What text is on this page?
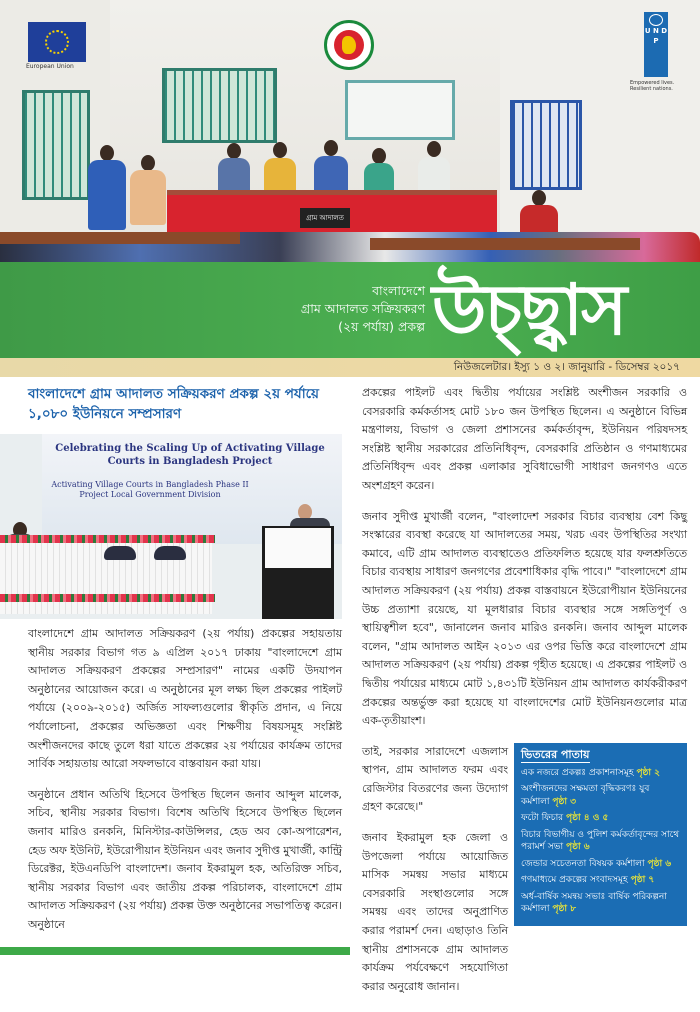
গ্রাম আদালত
European Union
U N D P
Empowered lives. Resilient nations.
বাংলাদেশে
গ্রাম আদালত সক্রিয়করণ
(২য় পর্যায়) প্রকল্প উচ্ছ্বাস
নিউজলেটার। ইস্যু ১ ও ২। জানুয়ারি - ডিসেম্বর ২০১৭
বাংলাদেশে গ্রাম আদালত সক্রিয়করণ প্রকল্প ২য় পর্যায়ে ১,০৮০ ইউনিয়নে সম্প্রসারণ
Celebrating the Scaling Up of Activating Village Courts in Bangladesh Project
Activating Village Courts in Bangladesh Phase II Project Local Government Division
বাংলাদেশে গ্রাম আদালত সক্রিয়করণ (২য় পর্যায়) প্রকল্পের সহায়তায় স্থানীয় সরকার বিভাগ গত ৯ এপ্রিল ২০১৭ ঢাকায় "বাংলাদেশে গ্রাম আদালত সক্রিয়করণ প্রকল্পের সম্প্রসারণ" নামের একটি উদযাপন অনুষ্ঠানের আয়োজন করে। এ অনুষ্ঠানের মূল লক্ষ্য ছিল প্রকল্পের পাইলট পর্যায়ে (২০০৯-২০১৫) অর্জিত সাফল্যগুলোর স্বীকৃতি প্রদান, এ নিয়ে পর্যালোচনা, প্রকল্পের অভিজ্ঞতা এবং শিক্ষণীয় বিষয়সমূহ সংশ্লিষ্ট অংশীজনদের কাছে তুলে ধরা যাতে প্রকল্পের ২য় পর্যায়ের কার্যক্রম তাদের সার্বিক সহায়তায় আরো সফলভাবে বাস্তবায়ন করা যায়।
অনুষ্ঠানে প্রধান অতিথি হিসেবে উপস্থিত ছিলেন জনাব আব্দুল মালেক, সচিব, স্থানীয় সরকার বিভাগ। বিশেষ অতিথি হিসেবে উপস্থিত ছিলেন জনাব মারিও রনকনি, মিনিস্টার-কাউন্সিলর, হেড অব কো-অপারেশন, হেড অফ ইউনিট, ইউরোপীয়ান ইউনিয়ন এবং জনাব সুদীপ্ত মুখার্জী, কান্ট্রি ডিরেক্টর, ইউএনডিপি বাংলাদেশ। জনাব ইকরামুল হক, অতিরিক্ত সচিব, স্থানীয় সরকার বিভাগ এবং জাতীয় প্রকল্প পরিচালক, বাংলাদেশে গ্রাম আদালত সক্রিয়করণ (২য় পর্যায়) প্রকল্প উক্ত অনুষ্ঠানের সভাপতিত্ব করেন। অনুষ্ঠানে
প্রকল্পের পাইলট এবং দ্বিতীয় পর্যায়ের সংশ্লিষ্ট অংশীজন সরকারি ও বেসরকারি কর্মকর্তাসহ মোট ১৮০ জন উপস্থিত ছিলেন। এ অনুষ্ঠানে বিভিন্ন মন্ত্রণালয়, বিভাগ ও জেলা প্রশাসনের কর্মকর্তাবৃন্দ, ইউনিয়ন পরিষদসহ সংশ্লিষ্ট স্থানীয় সরকারের প্রতিনিধিবৃন্দ, বেসরকারি প্রতিষ্ঠান ও গণমাধ্যমের প্রতিনিধিবৃন্দ এবং প্রকল্প এলাকার সুবিধাভোগী সাধারণ জনগণও এতে অংশগ্রহণ করেন।
জনাব সুদীপ্ত মুখার্জী বলেন, "বাংলাদেশ সরকার বিচার ব্যবস্থায় বেশ কিছু সংস্কারের ব্যবস্থা করেছে যা আদালতের সময়, খরচ এবং উপস্থিতির সংখ্যা কমাবে, এটি গ্রাম আদালত ব্যবস্থাতেও প্রতিফলিত হয়েছে যার ফলশ্রুতিতে বিচার ব্যবস্থায় সাধারণ জনগণের প্রবেশাধিকার বৃদ্ধি পাবে।" "বাংলাদেশে গ্রাম আদালত সক্রিয়করণ (২য় পর্যায়) প্রকল্প বাস্তবায়নে ইউরোপীয়ান ইউনিয়নের উচ্চ প্রত্যাশা রয়েছে, যা মূলধারার বিচার ব্যবস্থার সঙ্গে সঙ্গতিপূর্ণ ও স্থায়িত্বশীল হবে", জানালেন জনাব মারিও রনকনি। জনাব আব্দুল মালেক বলেন, "গ্রাম আদালত আইন ২০১৩ এর ওপর ভিত্তি করে বাংলাদেশে গ্রাম আদালত সক্রিয়করণ (২য় পর্যায়) প্রকল্প গৃহীত হয়েছে। এ প্রকল্পের পাইলট ও দ্বিতীয় পর্যায়ের মাধ্যমে মোট ১,৪৩১টি ইউনিয়ন গ্রাম আদালত কার্যকরীকরণ প্রকল্পের অন্তর্ভুক্ত করা হয়েছে যা বাংলাদেশের মোট ইউনিয়নগুলোর মাত্র এক-তৃতীয়াংশ।
তাই, সরকার সারাদেশে এজলাস স্থাপন, গ্রাম আদালত ফরম এবং রেজিস্টার বিতরণের জন্য উদ্যোগ গ্রহণ করেছে।"
জনাব ইকরামুল হক জেলা ও উপজেলা পর্যায়ে আয়োজিত মাসিক সমন্বয় সভার মাধ্যমে বেসরকারি সংস্থাগুলোর সঙ্গে সমন্বয় এবং তাদের অনুপ্রাণিত করার পরামর্শ দেন। এছাড়াও তিনি স্থানীয় প্রশাসনকে গ্রাম আদালত কার্যক্রম পর্যবেক্ষণে সহযোগিতা করার অনুরোধ জানান।
ভিতরের পাতায়
এক নজরে প্রকল্পঃ প্রকাশনাসমূহ পৃষ্ঠা ২
অংশীজনদের সক্ষমতা বৃদ্ধিকরণঃ যুব কর্মশালা পৃষ্ঠা ৩
ফটো ফিচার পৃষ্ঠা ৪ ও ৫
বিচার বিভাগীয় ও পুলিশ কর্মকর্তাবৃন্দের সাথে পরামর্শ সভা পৃষ্ঠা ৬
জেন্ডার সচেতনতা বিষয়ক কর্মশালা পৃষ্ঠা ৬
গণমাধ্যমে প্রকল্পের সংবাদসমূহ পৃষ্ঠা ৭
অর্ধ-বার্ষিক সমন্বয় সভাঃ বার্ষিক পরিকল্পনা কর্মশালা পৃষ্ঠা ৮
